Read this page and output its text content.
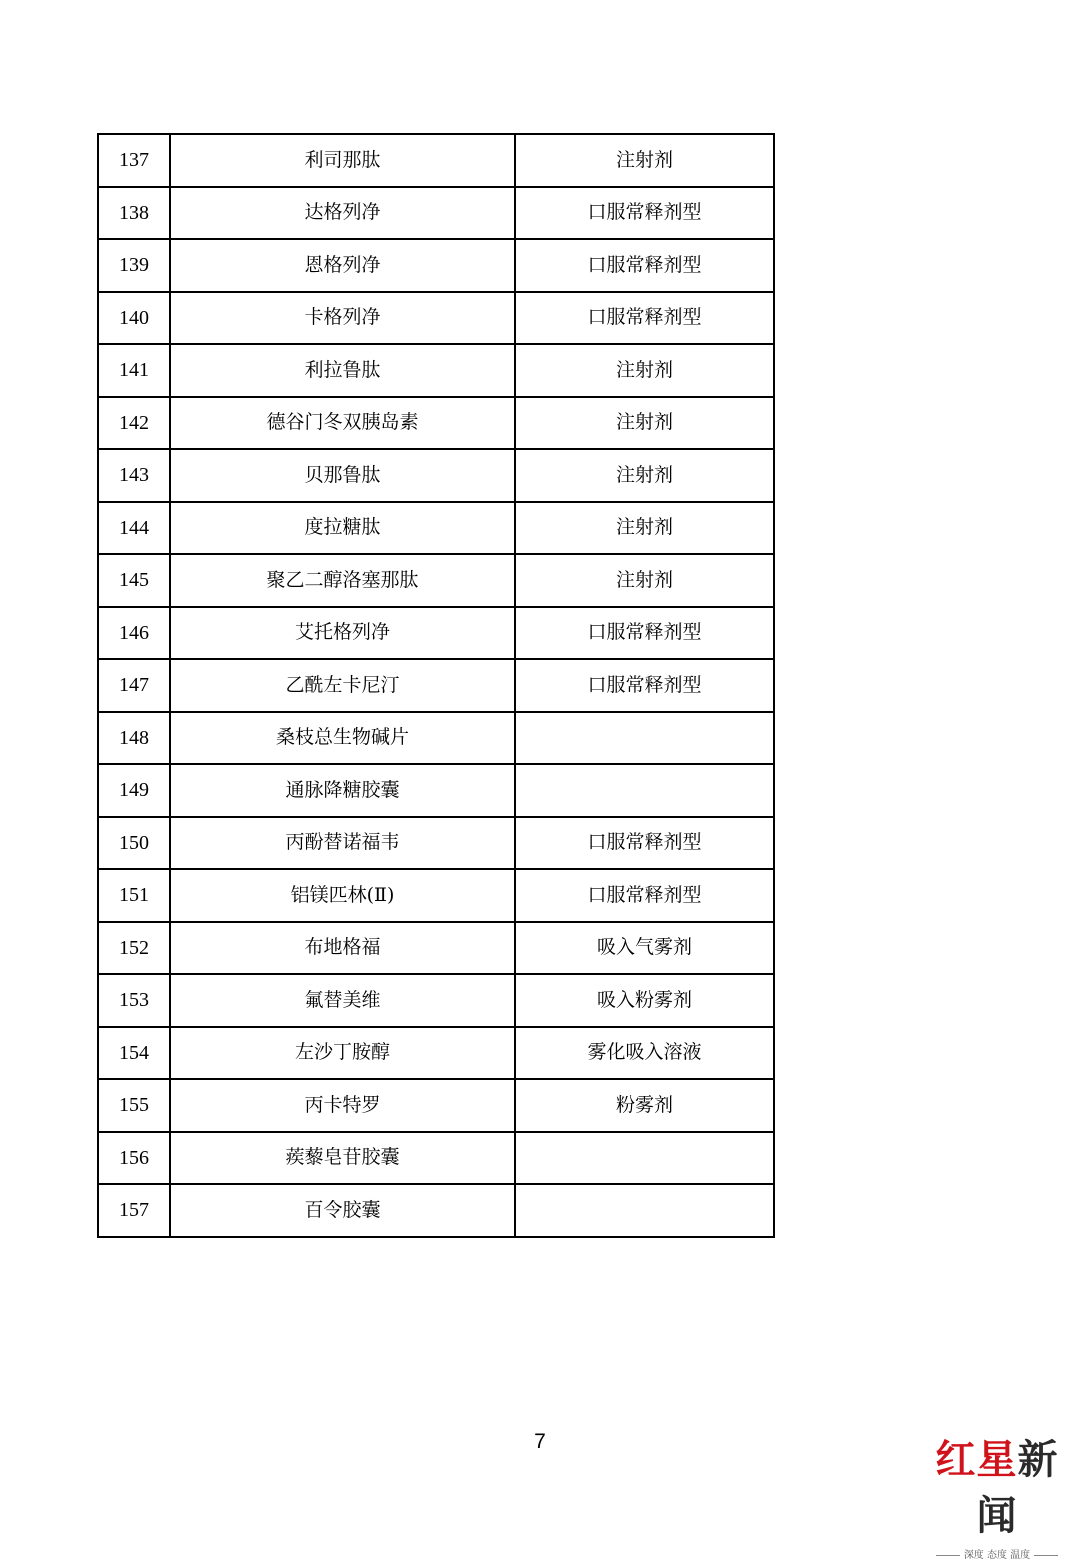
137	利司那肽	注射剂
138	达格列净	口服常释剂型
139	恩格列净	口服常释剂型
140	卡格列净	口服常释剂型
141	利拉鲁肽	注射剂
142	德谷门冬双胰岛素	注射剂
143	贝那鲁肽	注射剂
144	度拉糖肽	注射剂
145	聚乙二醇洛塞那肽	注射剂
146	艾托格列净	口服常释剂型
147	乙酰左卡尼汀	口服常释剂型
148	桑枝总生物碱片	
149	通脉降糖胶囊	
150	丙酚替诺福韦	口服常释剂型
151	铝镁匹林(Ⅱ)	口服常释剂型
152	布地格福	吸入气雾剂
153	氟替美维	吸入粉雾剂
154	左沙丁胺醇	雾化吸入溶液
155	丙卡特罗	粉雾剂
156	蒺藜皂苷胶囊	
157	百令胶囊	
7	红星新闻
深度 态度 温度
